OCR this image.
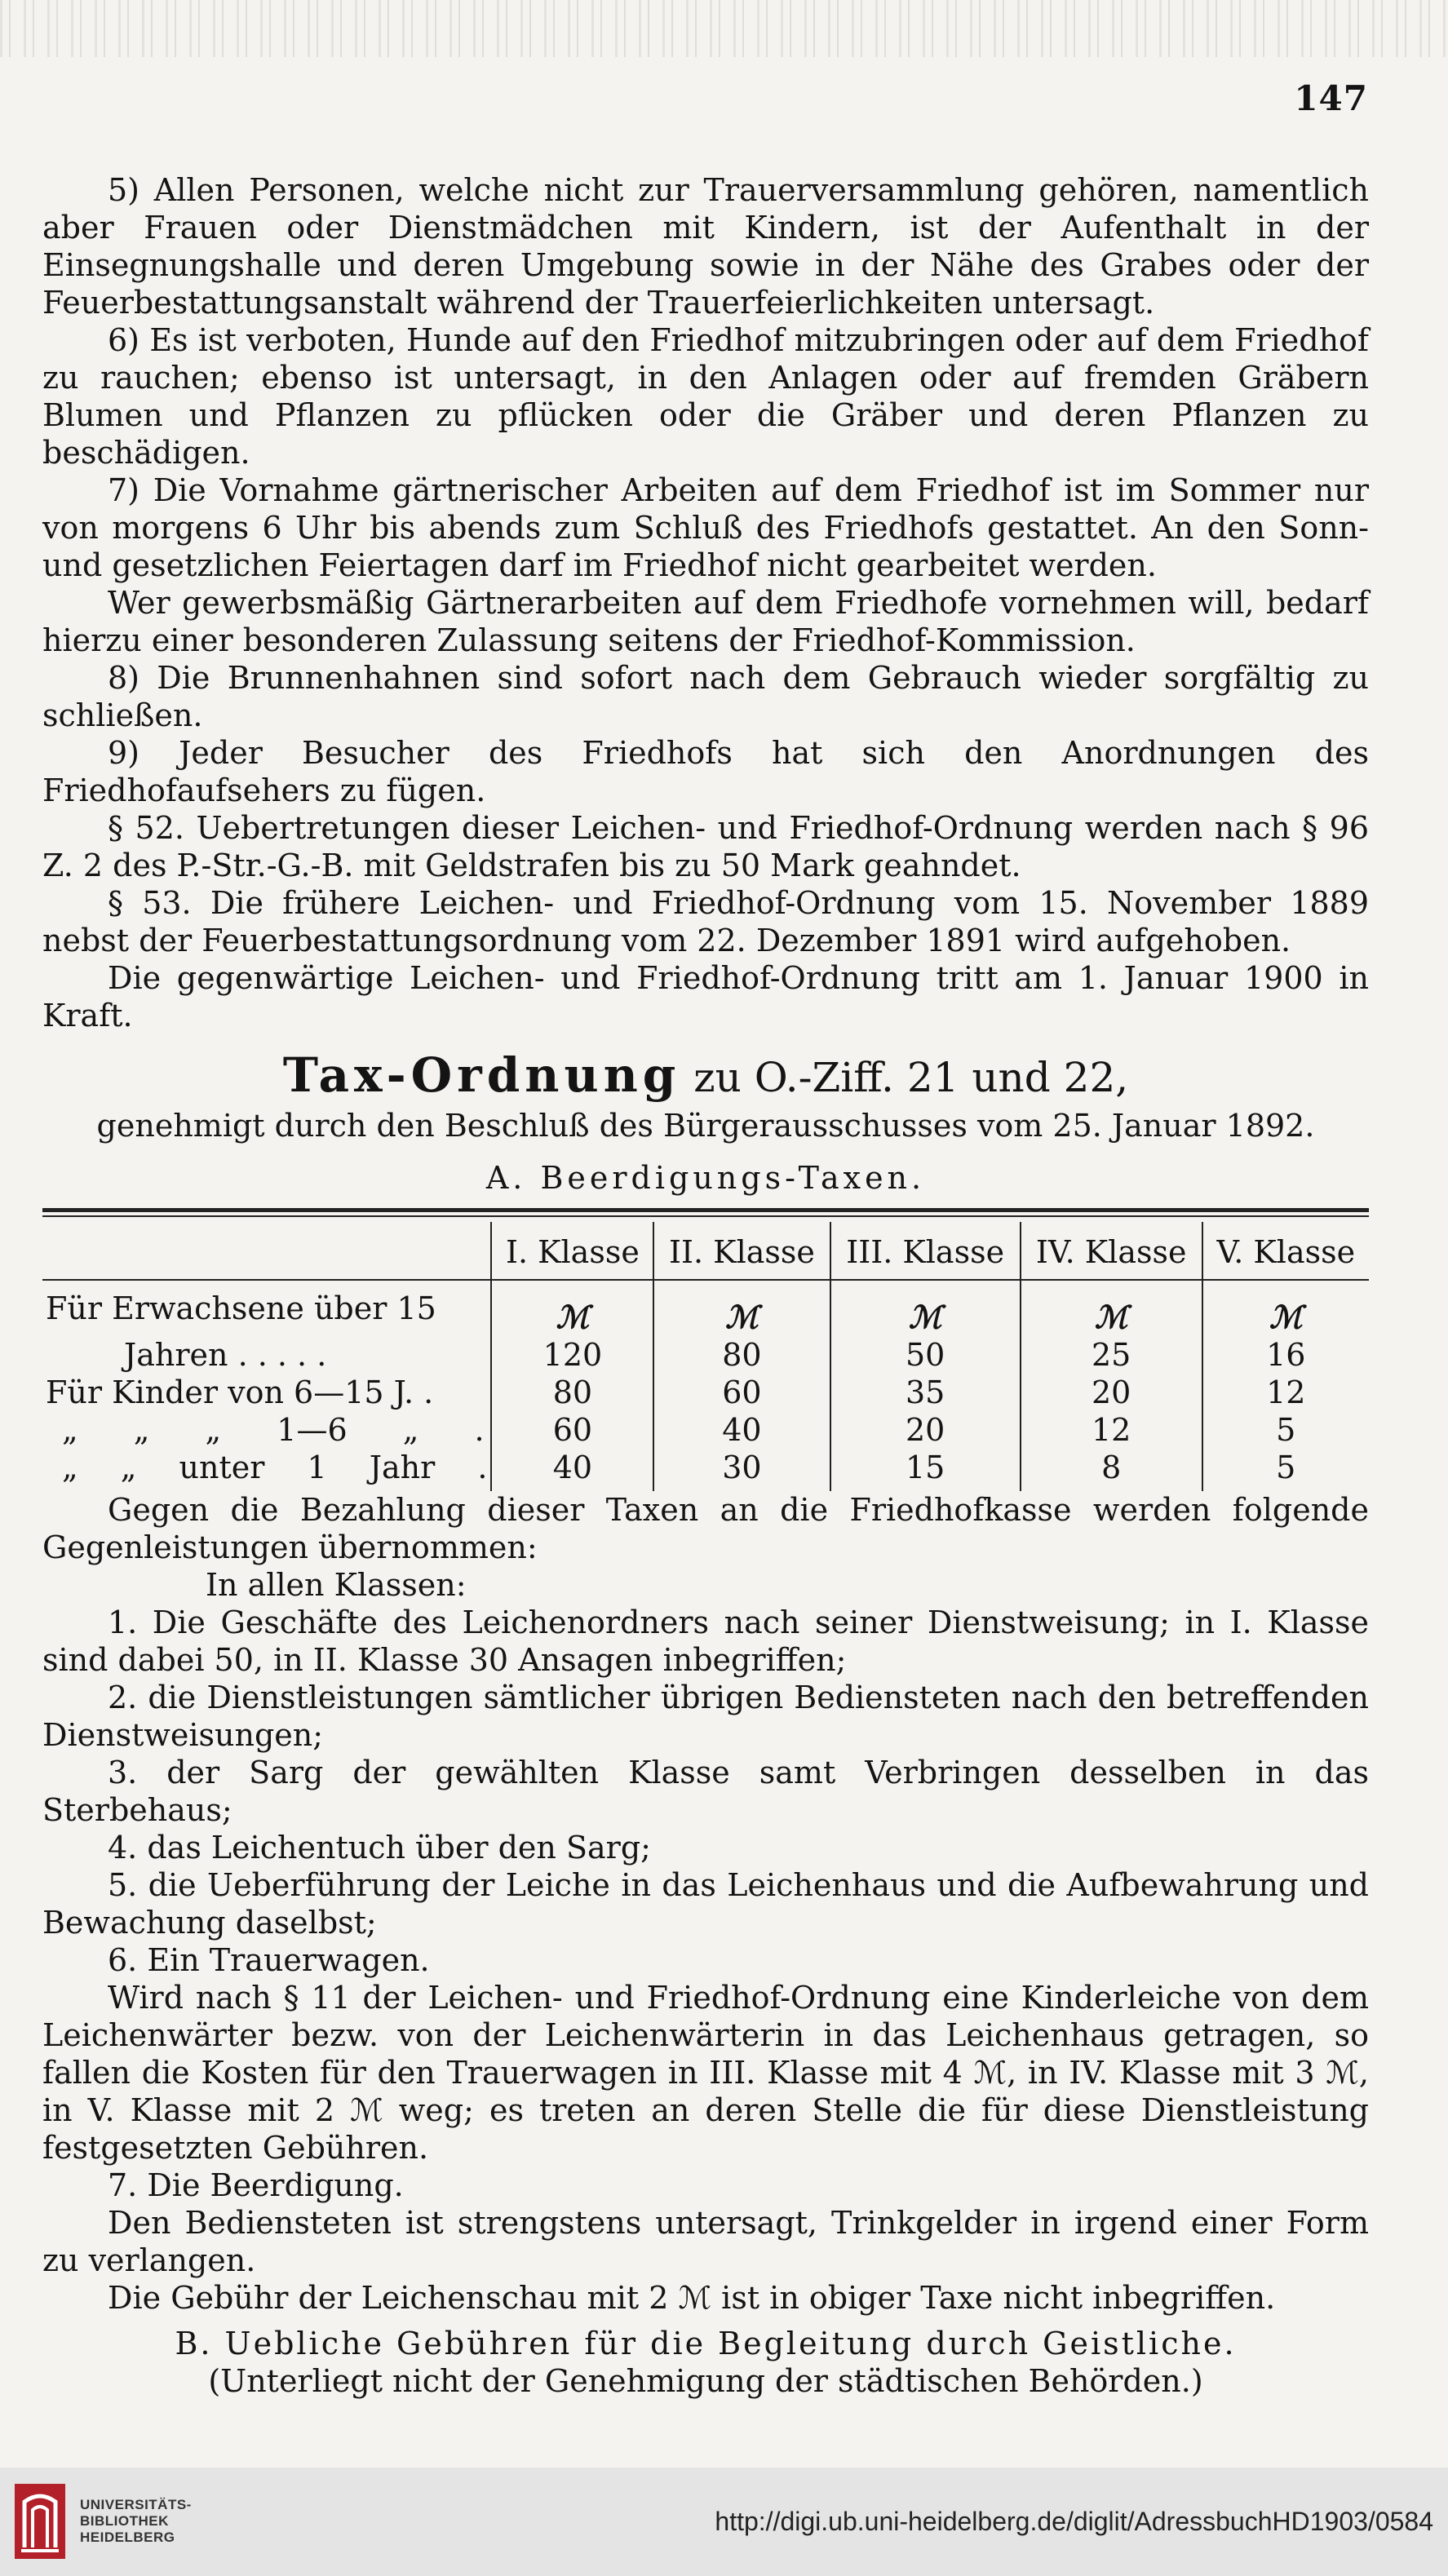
147

5) Allen Personen, welche nicht zur Trauerversammlung gehören, namentlich aber Frauen oder Dienstmädchen mit Kindern, ist der Aufenthalt in der Einsegnungshalle und deren Umgebung sowie in der Nähe des Grabes oder der Feuerbestattungsanstalt während der Trauerfeierlichkeiten untersagt.

6) Es ist verboten, Hunde auf den Friedhof mitzubringen oder auf dem Friedhof zu rauchen; ebenso ist untersagt, in den Anlagen oder auf fremden Gräbern Blumen und Pflanzen zu pflücken oder die Gräber und deren Pflanzen zu beschädigen.

7) Die Vornahme gärtnerischer Arbeiten auf dem Friedhof ist im Sommer nur von morgens 6 Uhr bis abends zum Schluß des Friedhofs gestattet. An den Sonn- und gesetzlichen Feiertagen darf im Friedhof nicht gearbeitet werden.

Wer gewerbsmäßig Gärtnerarbeiten auf dem Friedhofe vornehmen will, bedarf hierzu einer besonderen Zulassung seitens der Friedhof-Kommission.

8) Die Brunnenhahnen sind sofort nach dem Gebrauch wieder sorgfältig zu schließen.

9) Jeder Besucher des Friedhofs hat sich den Anordnungen des Friedhofaufsehers zu fügen.

§ 52. Uebertretungen dieser Leichen- und Friedhof-Ordnung werden nach § 96 Z. 2 des P.-Str.-G.-B. mit Geldstrafen bis zu 50 Mark geahndet.

§ 53. Die frühere Leichen- und Friedhof-Ordnung vom 15. November 1889 nebst der Feuerbestattungsordnung vom 22. Dezember 1891 wird aufgehoben.

Die gegenwärtige Leichen- und Friedhof-Ordnung tritt am 1. Januar 1900 in Kraft.

Tax-Ordnung zu O.-Ziff. 21 und 22,

genehmigt durch den Beschluß des Bürgerausschusses vom 25. Januar 1892.

A. Beerdigungs-Taxen.
	I. Klasse	II. Klasse	III. Klasse	IV. Klasse	V. Klasse
Für Erwachsene über 15	ℳ	ℳ	ℳ	ℳ	ℳ
Jahren . . . . .	120	80	50	25	16
Für Kinder von 6—15 J. .	80	60	35	20	12
„ „ „ 1—6 „ .	60	40	20	12	5
„ „ unter 1 Jahr .	40	30	15	8	5

Gegen die Bezahlung dieser Taxen an die Friedhofkasse werden folgende Gegenleistungen übernommen:

In allen Klassen:

1. Die Geschäfte des Leichenordners nach seiner Dienstweisung; in I. Klasse sind dabei 50, in II. Klasse 30 Ansagen inbegriffen;

2. die Dienstleistungen sämtlicher übrigen Bediensteten nach den betreffenden Dienstweisungen;

3. der Sarg der gewählten Klasse samt Verbringen desselben in das Sterbehaus;

4. das Leichentuch über den Sarg;

5. die Ueberführung der Leiche in das Leichenhaus und die Aufbewahrung und Bewachung daselbst;

6. Ein Trauerwagen.

Wird nach § 11 der Leichen- und Friedhof-Ordnung eine Kinderleiche von dem Leichenwärter bezw. von der Leichenwärterin in das Leichenhaus getragen, so fallen die Kosten für den Trauerwagen in III. Klasse mit 4 ℳ, in IV. Klasse mit 3 ℳ, in V. Klasse mit 2 ℳ weg; es treten an deren Stelle die für diese Dienstleistung festgesetzten Gebühren.

7. Die Beerdigung.

Den Bediensteten ist strengstens untersagt, Trinkgelder in irgend einer Form zu verlangen.

Die Gebühr der Leichenschau mit 2 ℳ ist in obiger Taxe nicht inbegriffen.

B. Uebliche Gebühren für die Begleitung durch Geistliche.

(Unterliegt nicht der Genehmigung der städtischen Behörden.)

UNIVERSITÄTS-
BIBLIOTHEK
HEIDELBERG
http://digi.ub.uni-heidelberg.de/diglit/AdressbuchHD1903/0584
